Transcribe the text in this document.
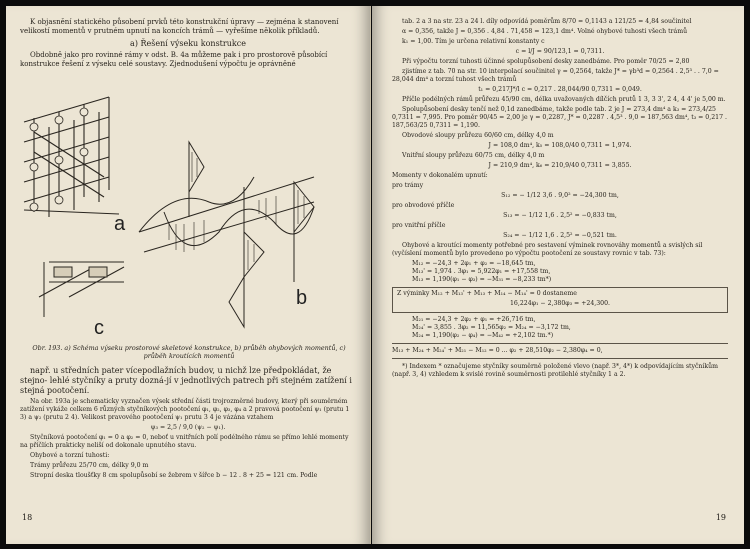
K objasnění statického působení prvků této konstrukční úpravy — zejména k stanovení velikostí momentů v prutném upnutí na koncích trámů — vyřešíme několik příkladů.

a) Řešení výseku konstrukce

Obdobně jako pro rovinné rámy v odst. B. 4a můžeme pak i pro prostorově působící konstrukce řešení z výseku celé soustavy. Zjednodušení výpočtu je oprávněné

a
b
c
Obr. 193. a) Schéma výseku prostorové skeletové konstrukce, b) průběh ohybových momentů, c) průběh kroutících momentů

např. u středních pater vícepodlažních budov, u nichž lze předpokládat, že stejno- lehlé styčníky a pruty dozná-jí v jednotlivých patrech při stejném zatížení i stejná pootočení.

Na obr. 193a je schematicky vyznačen výsek střední části trojrozměrné budovy, který při souměrném zatížení vykáže celkem 6 různých styčníkových pootočení φ₁, φ₂, φ₃, φ₄ a 2 pravová pootočení ψ₁ (prutu 1 3) a ψ₂ (prutu 2 4). Velikost pravového pootočení ψ₁ prutu 3 4 je vázána vztahem

ψ₃ = 2,5 / 9,0 (ψ₂ − ψ₁).

Styčníková pootočení φ₁ = 0 a φ₂ = 0, neboť u vnitřních polí podélného rámu se přímo lehlé momenty na příčlích prakticky neliší od dokonale upnutého stavu.

Ohybové a torzní tuhosti:

Trámy průřezu 25/70 cm, délky 9,0 m

Stropní deska tloušťky 8 cm spolupůsobí se žebrem v šířce b − 12 . 8 + 25 = 121 cm. Podle

18

tab. 2 a 3 na str. 23 a 24 l. díly odpovídá poměrům 8/70 = 0,1143 a 121/25 = 4,84 součinitel

α = 0,356, takže J = 0,356 . 4,84 . 71,458 = 123,1 dm⁴. Volné ohybové tuhosti všech trámů

k₁ = 1,00. Tím je určena relativní konstanty c

c = l/J = 90/123,1 = 0,7311.

Při výpočtu torzní tuhosti účinné spolupůsobení desky zanedbáme. Pro poměr 70/25 = 2,80

zjistíme z tab. 70 na str. 10 interpolací součinitel γ = 0,2564, takže J* = γb³d = 0,2564 . 2,5³ . . 7,0 = 28,044 dm⁴ a torzní tuhost všech trámů

t₁ = 0,217J*/l c = 0,217 . 28,044/90 0,7311 = 0,049.

Příčle podélných rámů průřezu 45/90 cm, délka uvažovaných dílčích prutů 1 3, 3 3', 2 4, 4 4' je 5,00 m.

Spolupůsobení desky tenčí než 0,1d zanedbáme, takže podle tab. 2 je J = 273,4 dm⁴ a k₃ = 273,4/25 0,7311 = 7,995. Pro poměr 90/45 = 2,00 je γ = 0,2287, J* = 0,2287 . 4,5³ . 9,0 = 187,563 dm⁴, t₃ = 0,217 . 187,563/25 0,7311 = 1,190.

Obvodové sloupy průřezu 60/60 cm, délky 4,0 m

J = 108,0 dm⁴, k₅ = 108,0/40 0,7311 = 1,974.

Vnitřní sloupy průřezu 60/75 cm, délky 4,0 m

J = 210,9 dm⁴, k₆ = 210,9/40 0,7311 = 3,855.

Momenty v dokonalém upnutí:

pro trámy

S₁₂ = − 1/12 3,6 . 9,0² = −24,300 tm,

pro obvodové příčle

S₁₃ = − 1/12 1,6 . 2,5² = −0,833 tm,

pro vnitřní příčle

S₂₄ = − 1/12 1,6 . 2,5² = −0,521 tm.

Ohybové a kroutící momenty potřebné pro sestavení výminek rovnováhy momentů a svislých sil (vyčíslení momentů bylo provedeno po výpočtu pootočení ze soustavy rovnic v tab. 73):

M₁₂ = −24,3 + 2φ₁ + φ₂ = −18,645 tm,
M₁₃' = 1,974 . 3φ₁ = 5,922φ₁ = +17,558 tm,
M₁₃ = 1,190(φ₁ − φ₃) = −M₃₁ = −8,233 tm*)
Z výminky M₁₂ + M₁₃' + M₁₃ + M₁₄ − M₁₄' = 0 dostaneme
16,224φ₁ − 2,380φ₃ = +24,300.
M₂₁ = −24,3 + 2φ₂ + φ₁ = +26,716 tm,
M₂₄' = 3,855 . 3φ₂ = 11,565φ₂ = M₂₄ = −3,172 tm,
M₂₄ = 1,190(φ₂ − φ₄) = −M₄₂ = +2,102 tm.*)
M₁₃ + M₂₄ + M₂₄' + M₂₁ − M₁₂ = 0 ... φ₂ + 28,510φ₂ − 2,380φ₄ = 0,

*) Indexem * označujeme styčníky souměrně položené vlevo (např. 3*, 4*) k odpovídajícím styčníkům (např. 3, 4) vzhledem k svislé rovině souměrnosti protilehlé styčníky 1 a 2.

19
